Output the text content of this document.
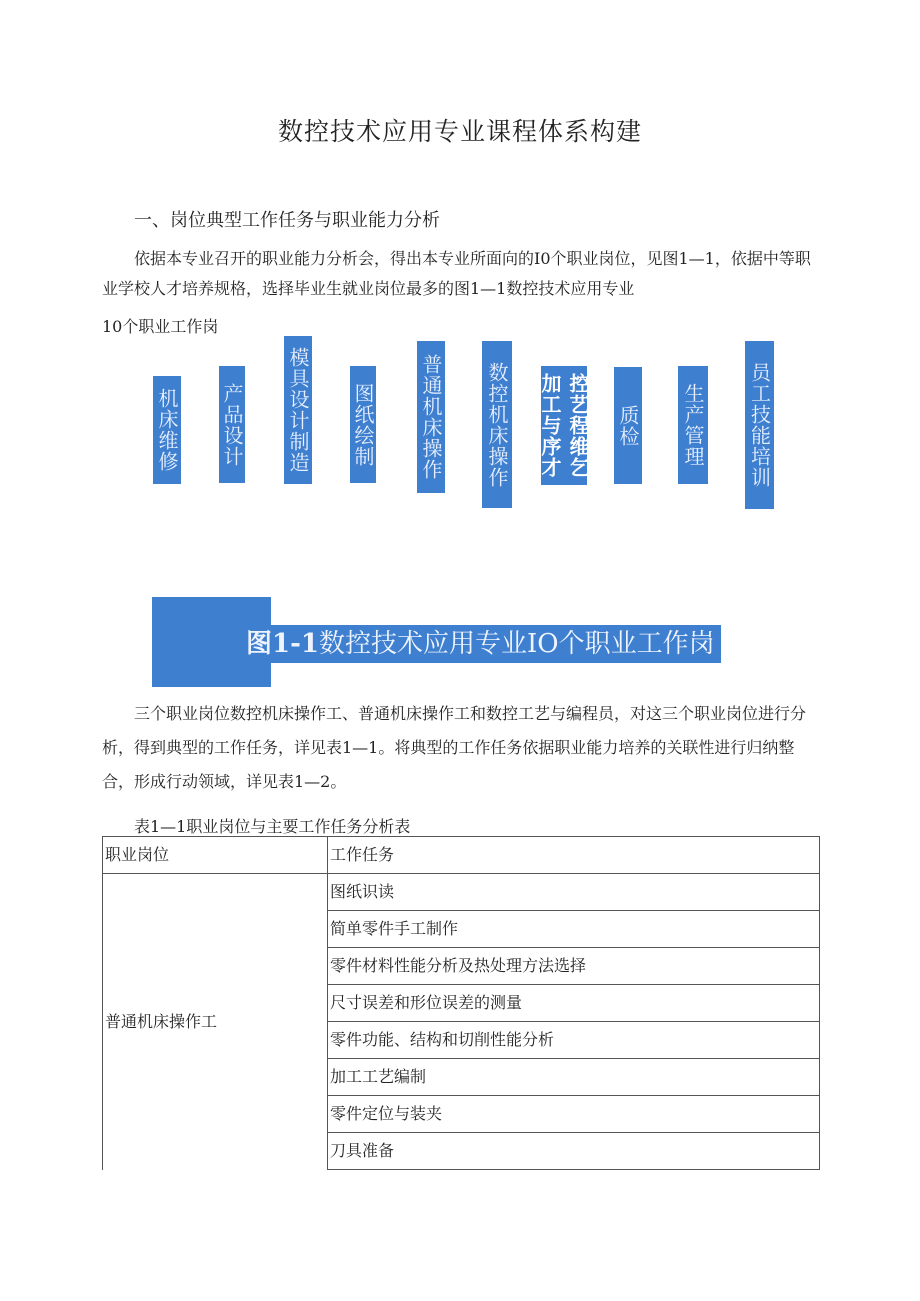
数控技术应用专业课程体系构建
一、岗位典型工作任务与职业能力分析
依据本专业召开的职业能力分析会，得出本专业所面向的I0个职业岗位，见图1—1，依据中等职业学校人才培养规格，选择毕业生就业岗位最多的图1—1数控技术应用专业
10个职业工作岗
机床维修 产品设计 模具设计制造 图纸绘制 普通机床操作 数控机床操作 加工与序才 控艺程维乞 质检 生产管理 员工技能培训
图1-1数控技术应用专业IO个职业工作岗
三个职业岗位数控机床操作工、普通机床操作工和数控工艺与编程员，对这三个职业岗位进行分析，得到典型的工作任务，详见表1—1。将典型的工作任务依据职业能力培养的关联性进行归纳整合，形成行动领域，详见表1—2。
表1—1职业岗位与主要工作任务分析表
职业岗位	工作任务
普通机床操作工	图纸识读
	简单零件手工制作
	零件材料性能分析及热处理方法选择
	尺寸误差和形位误差的测量
	零件功能、结构和切削性能分析
	加工工艺编制
	零件定位与装夹
	刀具准备
